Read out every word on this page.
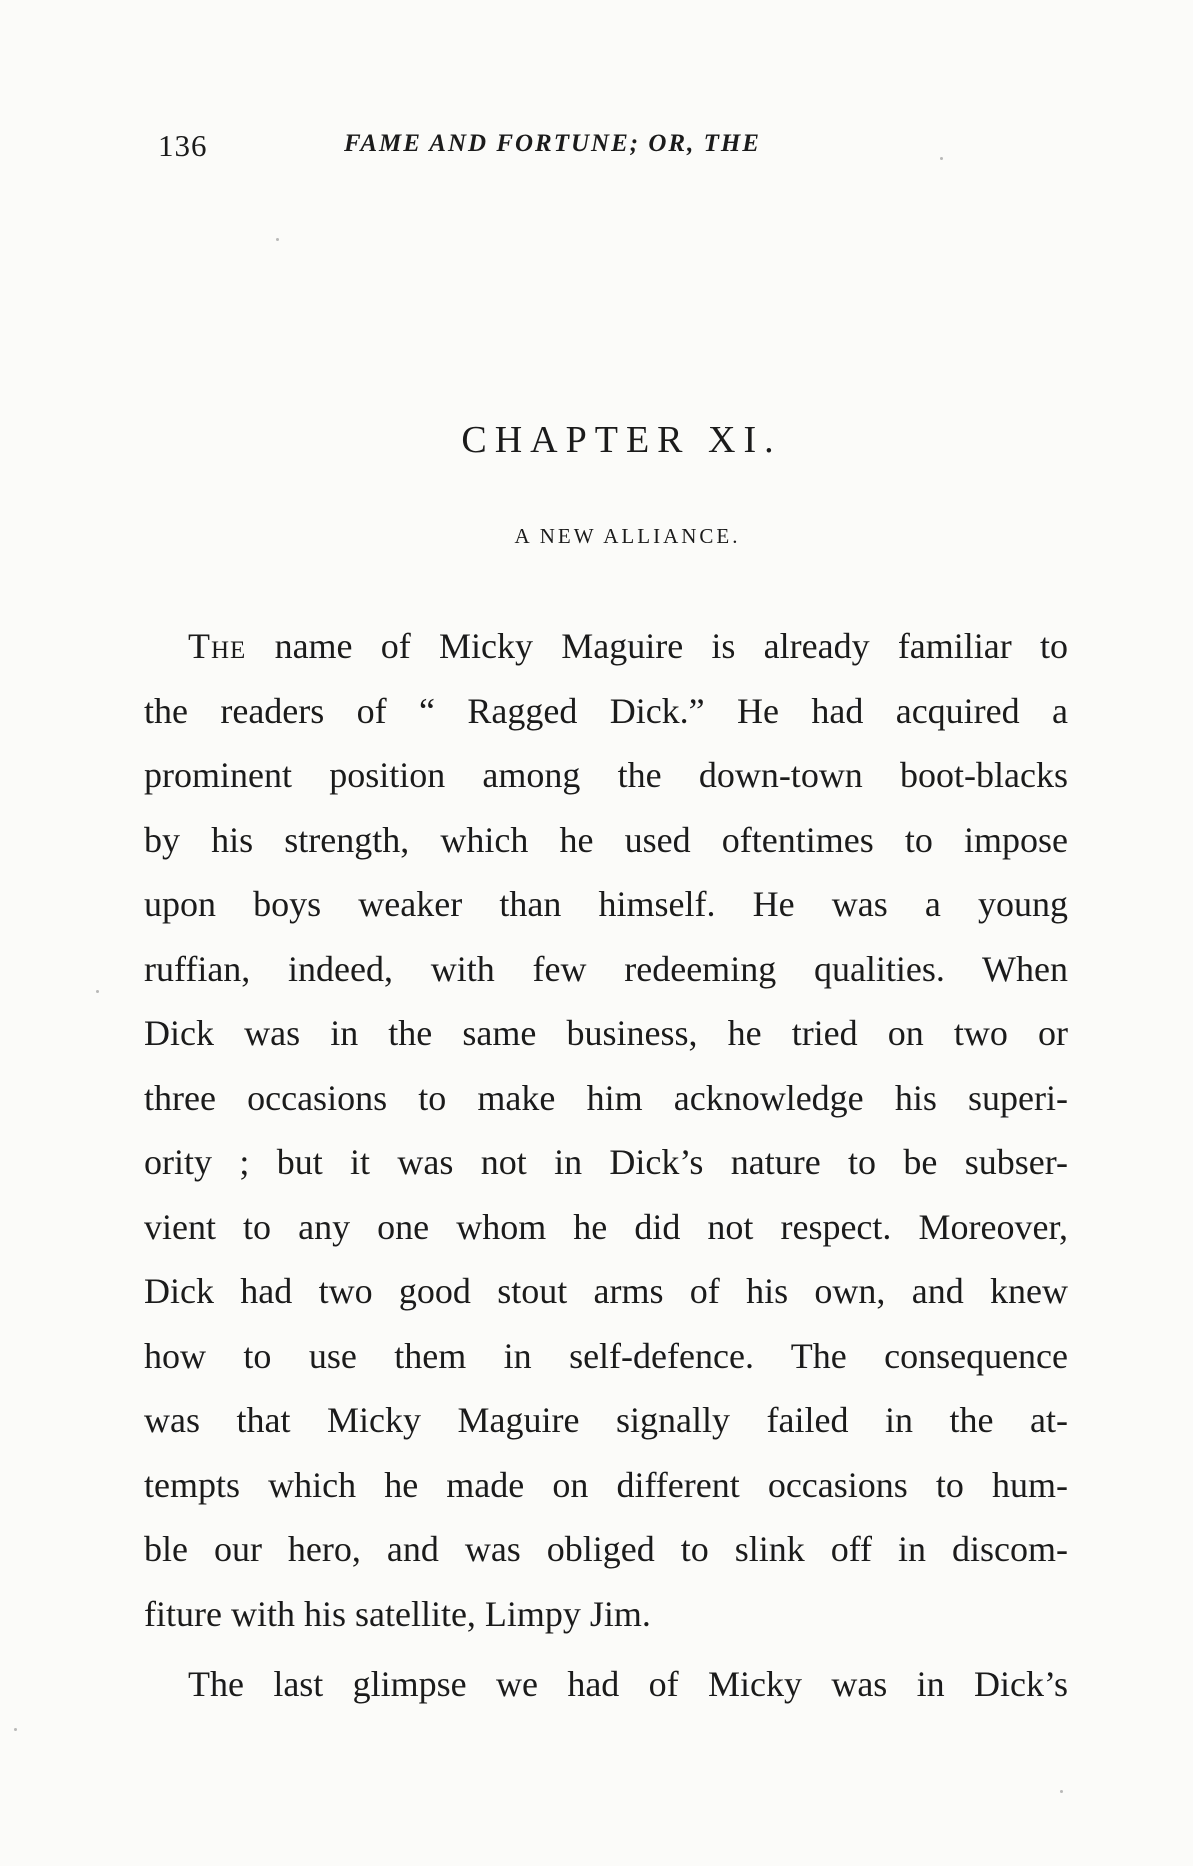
136	FAME AND FORTUNE; OR, THE
CHAPTER XI.
A NEW ALLIANCE.
The name of Micky Maguire is already familiar to
the readers of “ Ragged Dick.” He had acquired a
prominent position among the down-town boot-blacks
by his strength, which he used oftentimes to impose
upon boys weaker than himself. He was a young
ruffian, indeed, with few redeeming qualities. When
Dick was in the same business, he tried on two or
three occasions to make him acknowledge his superi-
ority ; but it was not in Dick’s nature to be subser-
vient to any one whom he did not respect. Moreover,
Dick had two good stout arms of his own, and knew
how to use them in self-defence. The consequence
was that Micky Maguire signally failed in the at-
tempts which he made on different occasions to hum-
ble our hero, and was obliged to slink off in discom-
fiture with his satellite, Limpy Jim.
The last glimpse we had of Micky was in Dick’s
